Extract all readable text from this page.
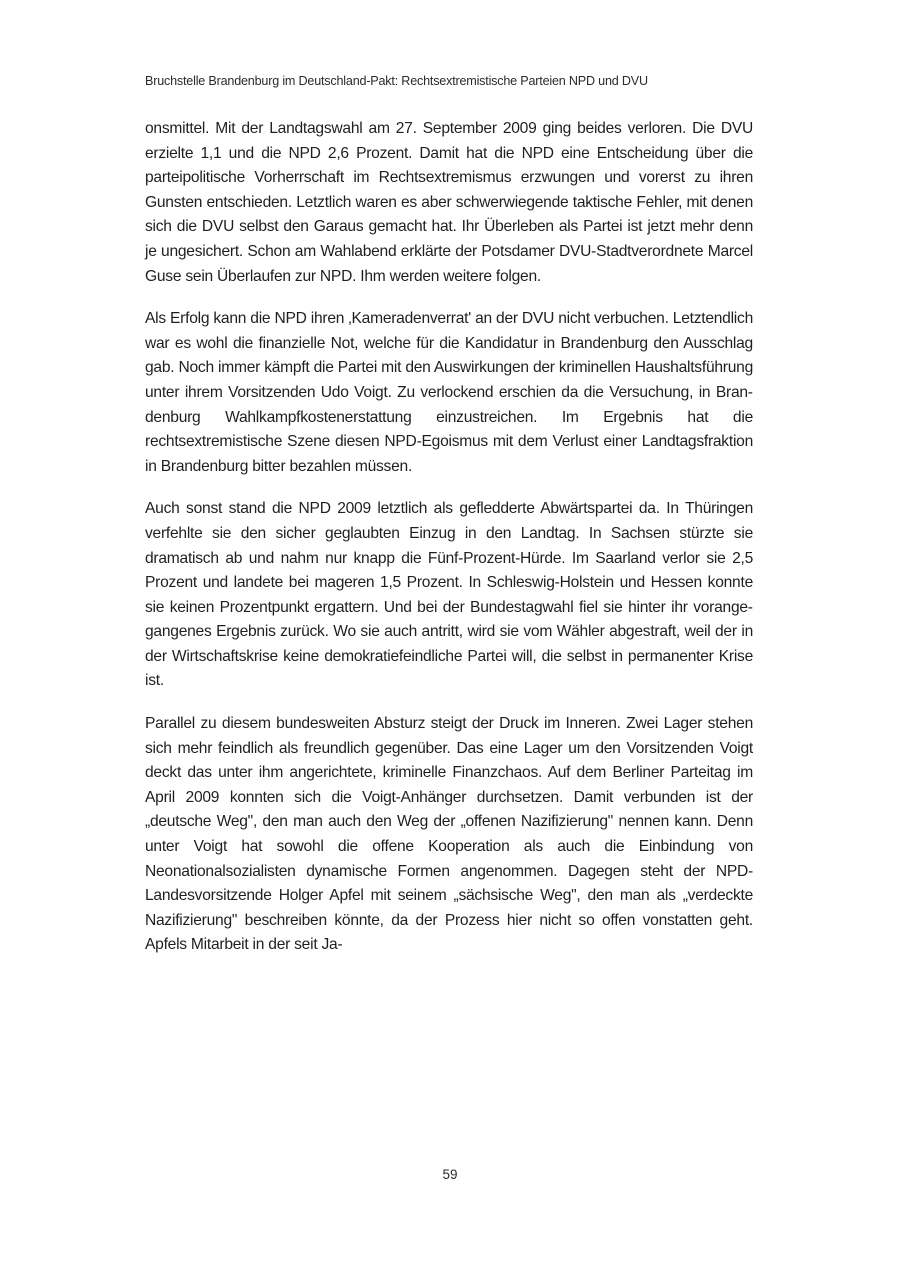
Bruchstelle Brandenburg im Deutschland-Pakt: Rechtsextremistische Parteien NPD und DVU

onsmittel. Mit der Landtagswahl am 27. September 2009 ging beides verloren. Die DVU erzielte 1,1 und die NPD 2,6 Prozent. Damit hat die NPD eine Entscheidung über die parteipolitische Vorherrschaft im Rechtsextremismus erzwungen und vorerst zu ihren Gunsten entschieden. Letztlich waren es aber schwerwiegende taktische Fehler, mit denen sich die DVU selbst den Garaus gemacht hat. Ihr Überleben als Partei ist jetzt mehr denn je ungesichert. Schon am Wahlabend erklärte der Potsdamer DVU-Stadtverordnete Marcel Guse sein Überlaufen zur NPD. Ihm werden weitere folgen.

Als Erfolg kann die NPD ihren ‚Kameradenverrat' an der DVU nicht verbuchen. Letztendlich war es wohl die finanzielle Not, welche für die Kandidatur in Brandenburg den Ausschlag gab. Noch immer kämpft die Partei mit den Auswirkungen der kriminellen Haushaltsführung unter ihrem Vorsitzenden Udo Voigt. Zu verlockend erschien da die Versuchung, in Brandenburg Wahlkampfkostenerstattung einzustreichen. Im Ergebnis hat die rechtsextremistische Szene diesen NPD-Egoismus mit dem Verlust einer Landtagsfraktion in Brandenburg bitter bezahlen müssen.

Auch sonst stand die NPD 2009 letztlich als gefledderte Abwärtspartei da. In Thüringen verfehlte sie den sicher geglaubten Einzug in den Landtag. In Sachsen stürzte sie dramatisch ab und nahm nur knapp die Fünf-Prozent-Hürde. Im Saarland verlor sie 2,5 Prozent und landete bei mageren 1,5 Prozent. In Schleswig-Holstein und Hessen konnte sie keinen Prozentpunkt ergattern. Und bei der Bundestagwahl fiel sie hinter ihr vorangegangenes Ergebnis zurück. Wo sie auch antritt, wird sie vom Wähler abgestraft, weil der in der Wirtschaftskrise keine demokratiefeindliche Partei will, die selbst in permanenter Krise ist.

Parallel zu diesem bundesweiten Absturz steigt der Druck im Inneren. Zwei Lager stehen sich mehr feindlich als freundlich gegenüber. Das eine Lager um den Vorsitzenden Voigt deckt das unter ihm angerichtete, kriminelle Finanzchaos. Auf dem Berliner Parteitag im April 2009 konnten sich die Voigt-Anhänger durchsetzen. Damit verbunden ist der „deutsche Weg", den man auch den Weg der „offenen Nazifizierung" nennen kann. Denn unter Voigt hat sowohl die offene Kooperation als auch die Einbindung von Neonationalsozialisten dynamische Formen angenommen. Dagegen steht der NPD-Landesvorsitzende Holger Apfel mit seinem „sächsische Weg", den man als „verdeckte Nazifizierung" beschreiben könnte, da der Prozess hier nicht so offen vonstatten geht. Apfels Mitarbeit in der seit Ja-

59
